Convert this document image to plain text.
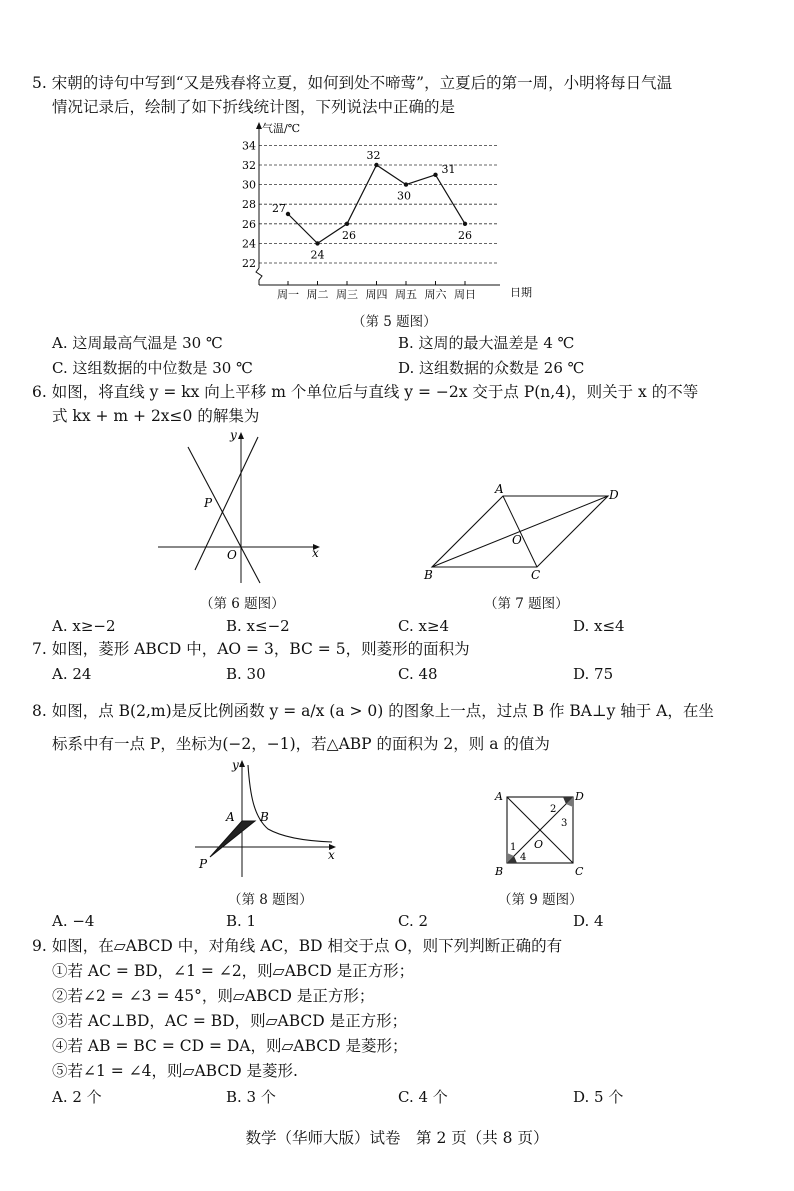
5. 宋朝的诗句中写到“又是残春将立夏，如何到处不啼莺”，立夏后的第一周，小明将每日气温
情况记录后，绘制了如下折线统计图，下列说法中正确的是
22
24
26
28
30
32
34
气温/℃
日期
周一 周二 周三 周四 周五 周六 周日
27
24
26
32
30
31
26
（第 5 题图）
A. 这周最高气温是 30 ℃	B. 这周的最大温差是 4 ℃
C. 这组数据的中位数是 30 ℃	D. 这组数据的众数是 26 ℃
6. 如图，将直线 y = kx 向上平移 m 个单位后与直线 y = −2x 交于点 P(n,4)，则关于 x 的不等
式 kx + m + 2x≤0 的解集为
y
x
P
O
（第 6 题图）
A	D
B	C
O
（第 7 题图）
A. x≥−2	B. x≤−2	C. x≥4	D. x≤4
7. 如图，菱形 ABCD 中，AO = 3，BC = 5，则菱形的面积为
A. 24	B. 30	C. 48	D. 75
8. 如图，点 B(2,m)是反比例函数 y = a/x (a > 0) 的图象上一点，过点 B 作 BA⊥y 轴于 A，在坐
标系中有一点 P，坐标为(−2，−1)，若△ABP 的面积为 2，则 a 的值为
y
x
A B
P
（第 8 题图）
A	D
B	C
O
2
3
1
4
（第 9 题图）
A. −4	B. 1	C. 2	D. 4
9. 如图，在▱ABCD 中，对角线 AC，BD 相交于点 O，则下列判断正确的有
①若 AC = BD，∠1 = ∠2，则▱ABCD 是正方形；
②若∠2 = ∠3 = 45°，则▱ABCD 是正方形；
③若 AC⊥BD，AC = BD，则▱ABCD 是正方形；
④若 AB = BC = CD = DA，则▱ABCD 是菱形；
⑤若∠1 = ∠4，则▱ABCD 是菱形.
A. 2 个	B. 3 个	C. 4 个	D. 5 个
数学（华师大版）试卷　第 2 页（共 8 页）
